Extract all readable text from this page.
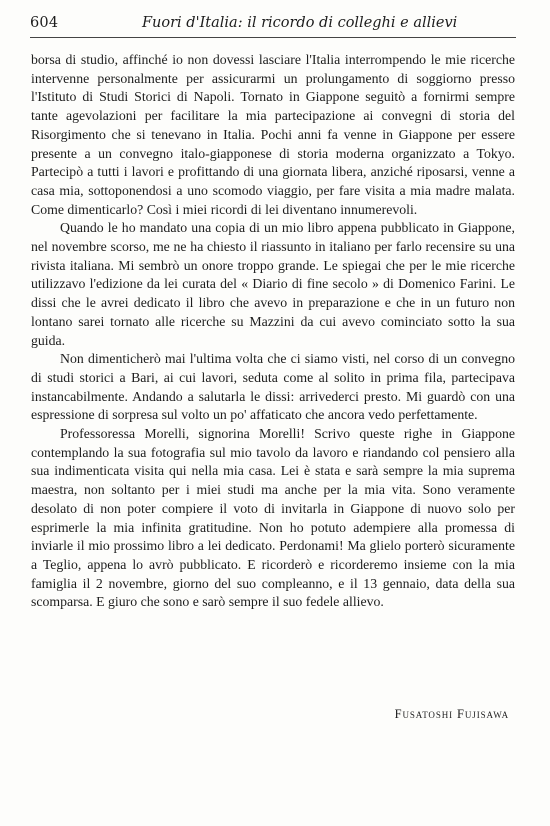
604	Fuori d'Italia: il ricordo di colleghi e allievi

borsa di studio, affinché io non dovessi lasciare l'Italia interrompendo le mie ricerche intervenne personalmente per assicurarmi un prolungamento di soggiorno presso l'Istituto di Studi Storici di Napoli. Tornato in Giappone seguitò a fornirmi sempre tante agevolazioni per facilitare la mia partecipazione ai convegni di storia del Risorgimento che si tenevano in Italia. Pochi anni fa venne in Giappone per essere presente a un convegno italo-giapponese di storia moderna organizzato a Tokyo. Partecipò a tutti i lavori e profittando di una giornata libera, anziché riposarsi, venne a casa mia, sottoponendosi a uno scomodo viaggio, per fare visita a mia madre malata. Come dimenticarlo? Così i miei ricordi di lei diventano innumerevoli.

Quando le ho mandato una copia di un mio libro appena pubblicato in Giappone, nel novembre scorso, me ne ha chiesto il riassunto in italiano per farlo recensire su una rivista italiana. Mi sembrò un onore troppo grande. Le spiegai che per le mie ricerche utilizzavo l'edizione da lei curata del « Diario di fine secolo » di Domenico Farini. Le dissi che le avrei dedicato il libro che avevo in preparazione e che in un futuro non lontano sarei tornato alle ricerche su Mazzini da cui avevo cominciato sotto la sua guida.

Non dimenticherò mai l'ultima volta che ci siamo visti, nel corso di un convegno di studi storici a Bari, ai cui lavori, seduta come al solito in prima fila, partecipava instancabilmente. Andando a salutarla le dissi: arrivederci presto. Mi guardò con una espressione di sorpresa sul volto un po' affaticato che ancora vedo perfettamente.

Professoressa Morelli, signorina Morelli! Scrivo queste righe in Giappone contemplando la sua fotografia sul mio tavolo da lavoro e riandando col pensiero alla sua indimenticata visita qui nella mia casa. Lei è stata e sarà sempre la mia suprema maestra, non soltanto per i miei studi ma anche per la mia vita. Sono veramente desolato di non poter compiere il voto di invitarla in Giappone di nuovo solo per esprimerle la mia infinita gratitudine. Non ho potuto adempiere alla promessa di inviarle il mio prossimo libro a lei dedicato. Perdonami! Ma glielo porterò sicuramente a Teglio, appena lo avrò pubblicato. E ricorderò e ricorderemo insieme con la mia famiglia il 2 novembre, giorno del suo compleanno, e il 13 gennaio, data della sua scomparsa. E giuro che sono e sarò sempre il suo fedele allievo.

Fusatoshi Fujisawa
